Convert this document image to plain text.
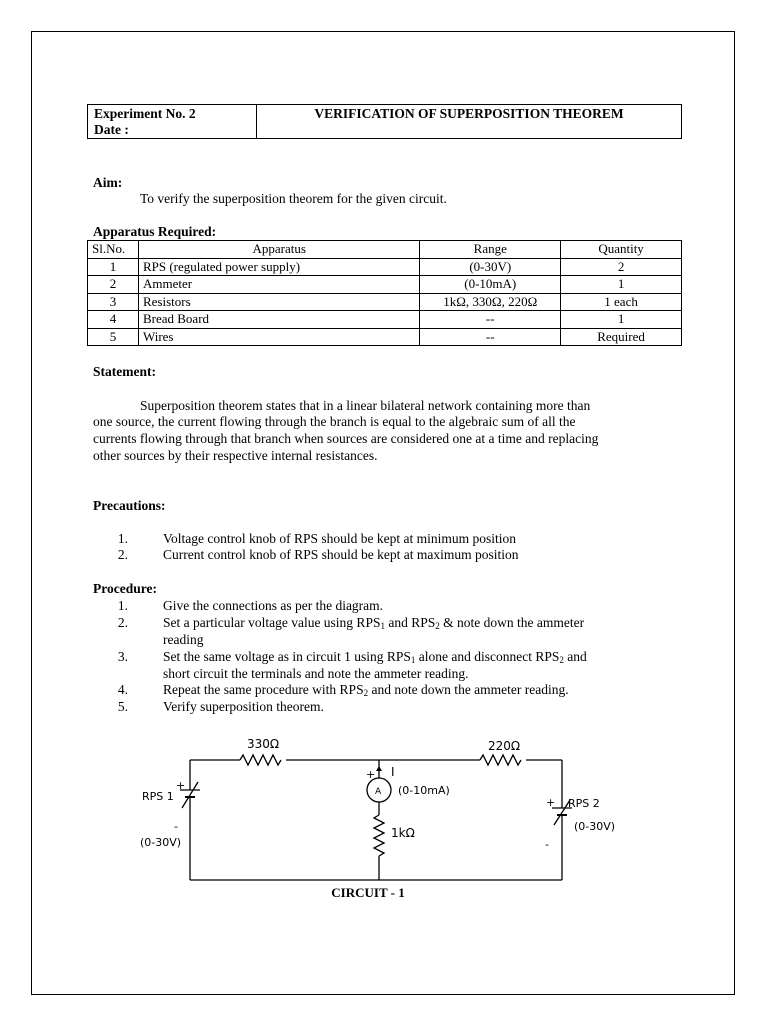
Experiment No. 2
Date :
VERIFICATION OF SUPERPOSITION THEOREM
Aim:
To verify the superposition theorem for the given circuit.
Apparatus Required:
Sl.No.	Apparatus	Range	Quantity
1	RPS (regulated power supply)	(0-30V)	2
2	Ammeter	(0-10mA)	1
3	Resistors	1kΩ, 330Ω, 220Ω	1 each
4	Bread Board	--	1
5	Wires	--	Required
Statement:
Superposition theorem states that in a linear bilateral network containing more than
one source, the current flowing through the branch is equal to the algebraic sum of all the
currents flowing through that branch when sources are considered one at a time and replacing
other sources by their respective internal resistances.
Precautions:
1.	Voltage control knob of RPS should be kept at minimum position
2.	Current control knob of RPS should be kept at maximum position
Procedure:
1.	Give the connections as per the diagram.
2.	Set a particular voltage value using $RPS_1$ and $RPS_2$ & note down the ammeter
reading
3.	Set the same voltage as in circuit 1 using $RPS_1$ alone and disconnect $RPS_2$ and
short circuit the terminals and note the ammeter reading.
4.	Repeat the same procedure with $RPS_2$ and note down the ammeter reading.
5.	Verify superposition theorem.
330Ω	220Ω
1kΩ
I
+
A (0-10mA)
RPS 1
+
-
(0-30V)
RPS 2
+
-
(0-30V)
CIRCUIT - 1
